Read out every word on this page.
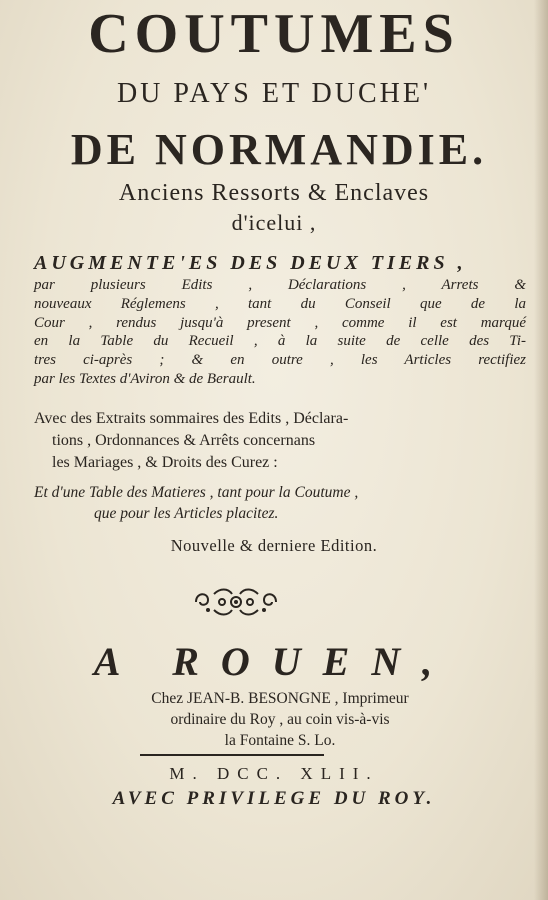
COUTUMES
DU PAYS ET DUCHE'
DE NORMANDIE.
Anciens Ressorts & Enclaves
d'icelui ,
AUGMENTE'ES DES DEUX TIERS ,
par plusieurs Edits , Déclarations , Arrets &
nouveaux Réglemens , tant du Conseil que de la
Cour , rendus jusqu'à present , comme il est marqué
en la Table du Recueil , à la suite de celle des Ti-
tres ci-après ; & en outre , les Articles rectifiez
par les Textes d'Aviron & de Berault.
Avec des Extraits sommaires des Edits , Déclara-
tions , Ordonnances & Arrêts concernans
les Mariages , & Droits des Curez :
Et d'une Table des Matieres , tant pour la Coutume ,
que pour les Articles placitez.
Nouvelle & derniere Edition.
A ROUEN,
Chez JEAN-B. BESONGNE , Imprimeur
ordinaire du Roy , au coin vis-à-vis
la Fontaine S. Lo.
M. DCC. XLII.
AVEC PRIVILEGE DU ROY.
